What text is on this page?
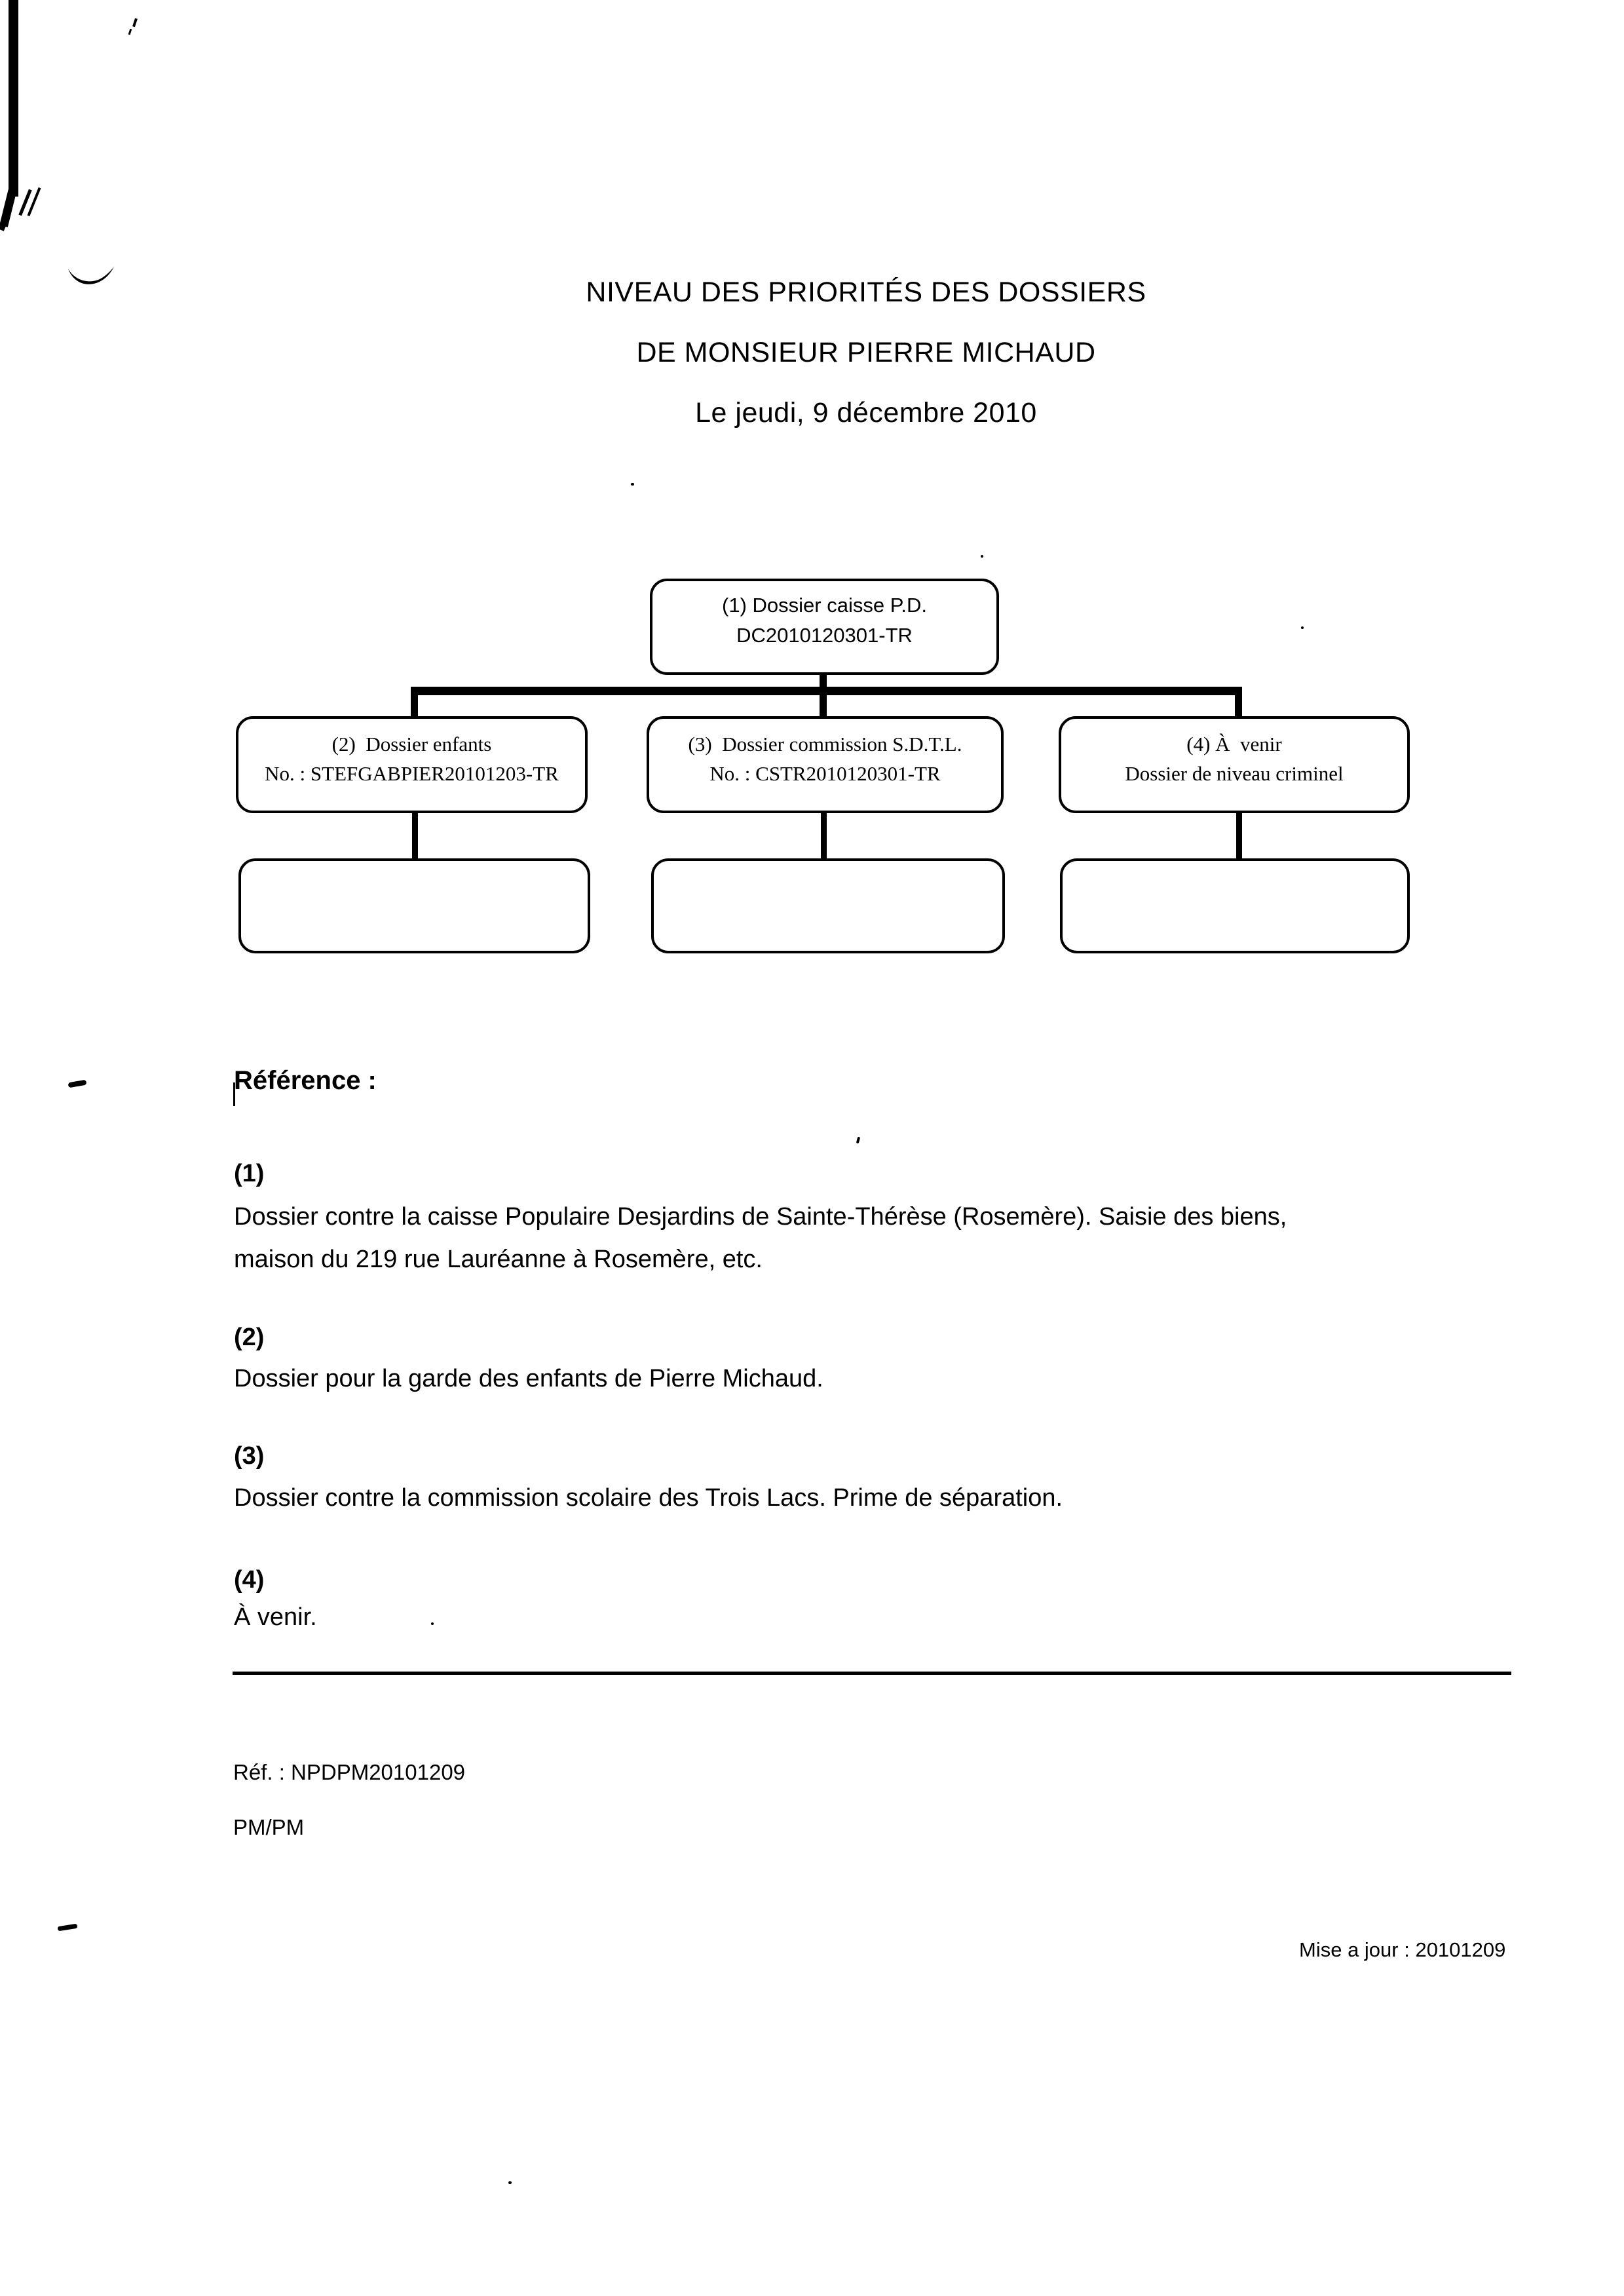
NIVEAU DES PRIORITÉS DES DOSSIERS
DE MONSIEUR PIERRE MICHAUD
Le jeudi, 9 décembre 2010
(1) Dossier caisse P.D.
DC2010120301-TR
(2)  Dossier enfants
No. : STEFGABPIER20101203-TR
(3)  Dossier commission S.D.T.L.
No. : CSTR2010120301-TR
(4) À  venir
Dossier de niveau criminel
Référence :
(1)
Dossier contre la caisse Populaire Desjardins de Sainte-Thérèse (Rosemère). Saisie des biens,
maison du 219 rue Lauréanne à Rosemère, etc.
(2)
Dossier pour la garde des enfants de Pierre Michaud.
(3)
Dossier contre la commission scolaire des Trois Lacs. Prime de séparation.
(4)
À venir.
Réf. : NPDPM20101209
PM/PM
Mise a jour : 20101209
